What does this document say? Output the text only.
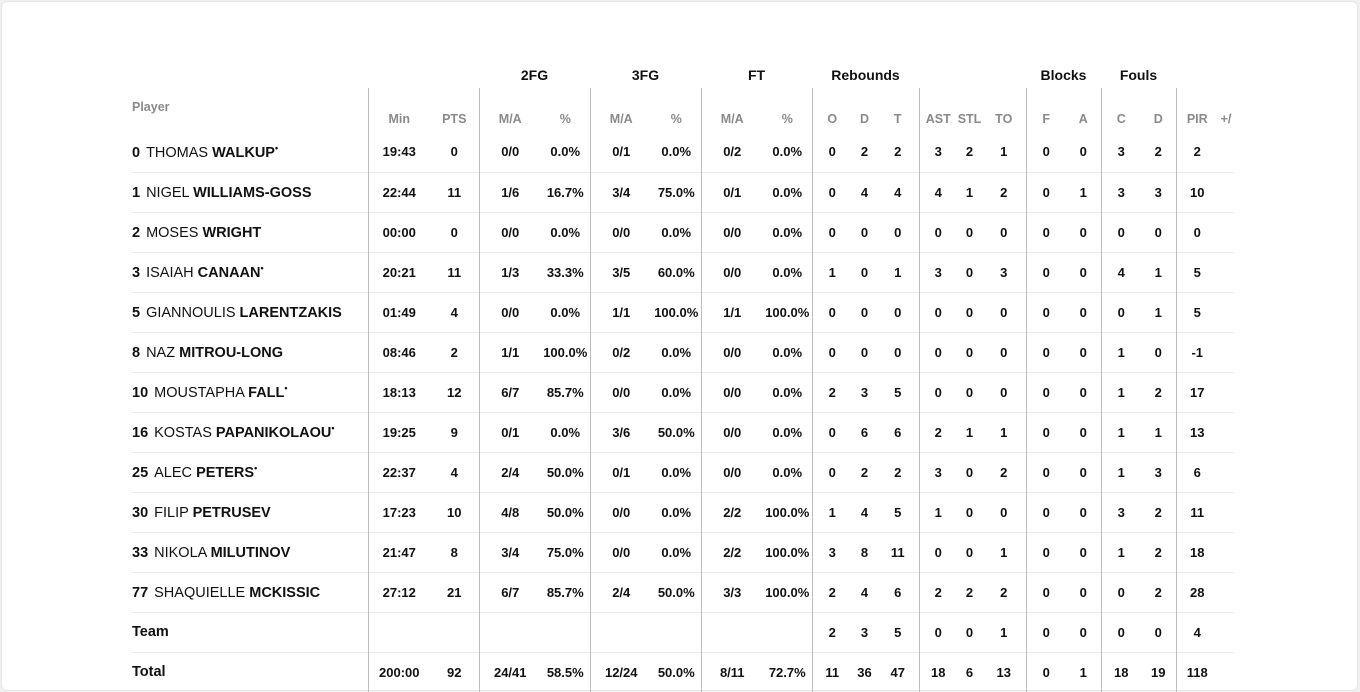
			2FG		3FG		FT		Rebounds						Blocks		Fouls			
Player	Min	PTS	M/A	%	M/A	%	M/A	%	O	D	T	AST	STL	TO	F	A	C	D	PIR	+/
0 THOMAS WALKUP•	19:43	0	0/0	0.0%	0/1	0.0%	0/2	0.0%	0	2	2	3	2	1	0	0	3	2	2	
1 NIGEL WILLIAMS-GOSS	22:44	11	1/6	16.7%	3/4	75.0%	0/1	0.0%	0	4	4	4	1	2	0	1	3	3	10	
2 MOSES WRIGHT	00:00	0	0/0	0.0%	0/0	0.0%	0/0	0.0%	0	0	0	0	0	0	0	0	0	0	0	
3 ISAIAH CANAAN•	20:21	11	1/3	33.3%	3/5	60.0%	0/0	0.0%	1	0	1	3	0	3	0	0	4	1	5	
5 GIANNOULIS LARENTZAKIS	01:49	4	0/0	0.0%	1/1	100.0%	1/1	100.0%	0	0	0	0	0	0	0	0	0	1	5	
8 NAZ MITROU-LONG	08:46	2	1/1	100.0%	0/2	0.0%	0/0	0.0%	0	0	0	0	0	0	0	0	1	0	-1	
10 MOUSTAPHA FALL•	18:13	12	6/7	85.7%	0/0	0.0%	0/0	0.0%	2	3	5	0	0	0	0	0	1	2	17	
16 KOSTAS PAPANIKOLAOU•	19:25	9	0/1	0.0%	3/6	50.0%	0/0	0.0%	0	6	6	2	1	1	0	0	1	1	13	
25 ALEC PETERS•	22:37	4	2/4	50.0%	0/1	0.0%	0/0	0.0%	0	2	2	3	0	2	0	0	1	3	6	
30 FILIP PETRUSEV	17:23	10	4/8	50.0%	0/0	0.0%	2/2	100.0%	1	4	5	1	0	0	0	0	3	2	11	
33 NIKOLA MILUTINOV	21:47	8	3/4	75.0%	0/0	0.0%	2/2	100.0%	3	8	11	0	0	1	0	0	1	2	18	
77 SHAQUIELLE MCKISSIC	27:12	21	6/7	85.7%	2/4	50.0%	3/3	100.0%	2	4	6	2	2	2	0	0	0	2	28	
Team									2	3	5	0	0	1	0	0	0	0	4	
Total	200:00	92	24/41	58.5%	12/24	50.0%	8/11	72.7%	11	36	47	18	6	13	0	1	18	19	118	
